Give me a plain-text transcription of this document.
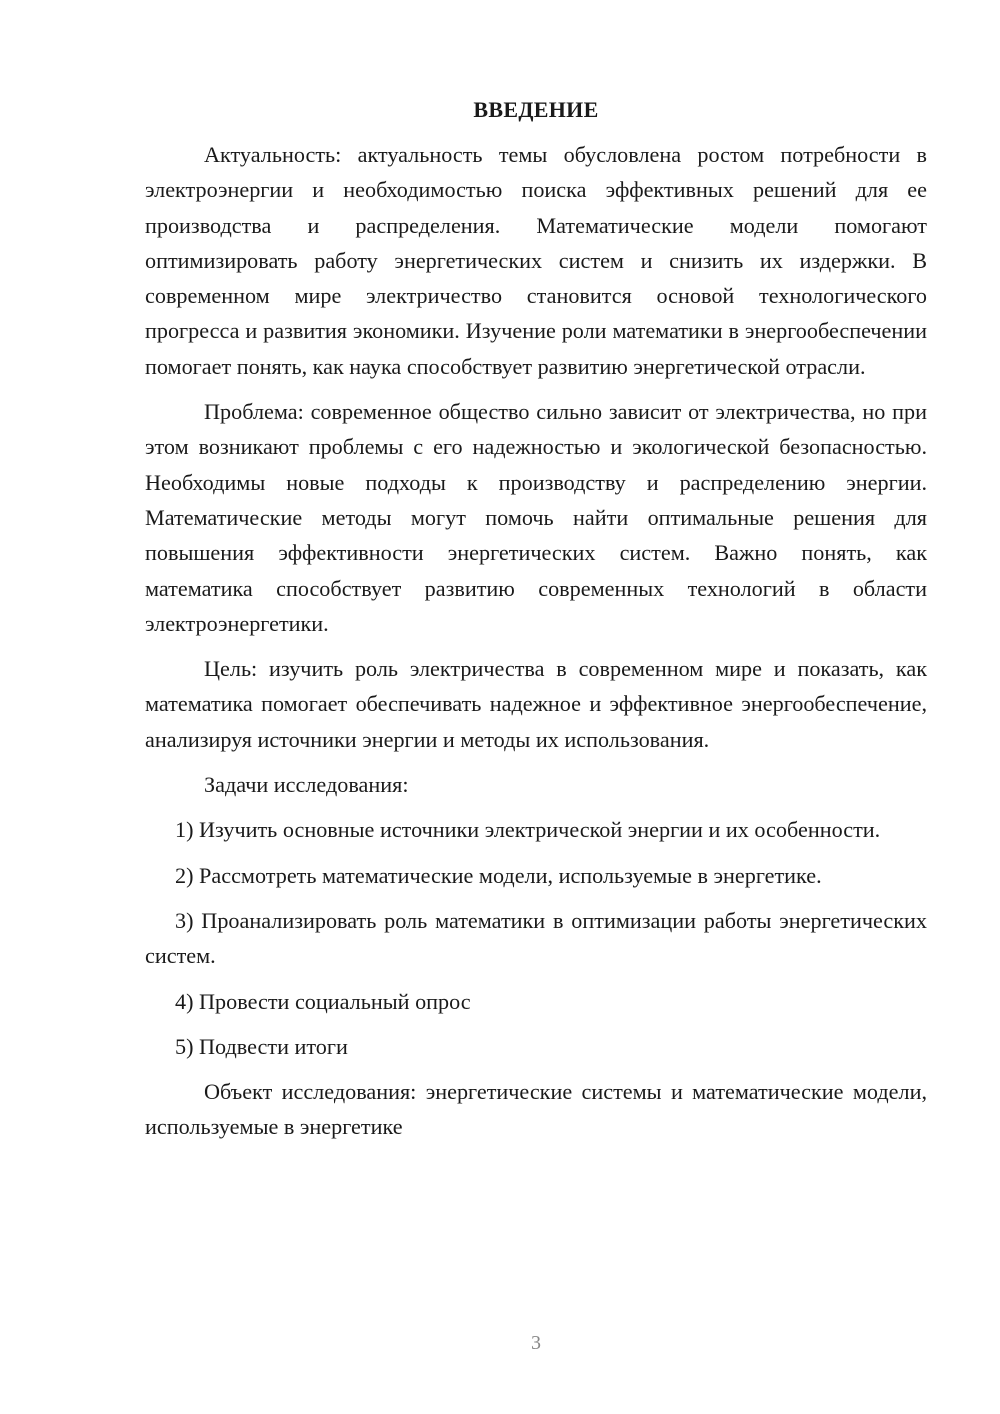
ВВЕДЕНИЕ

Актуальность: актуальность темы обусловлена ростом потребности в электроэнергии и необходимостью поиска эффективных решений для ее производства и распределения. Математические модели помогают оптимизировать работу энергетических систем и снизить их издержки. В современном мире электричество становится основой технологического прогресса и развития экономики. Изучение роли математики в энергообеспечении помогает понять, как наука способствует развитию энергетической отрасли.

Проблема: современное общество сильно зависит от электричества, но при этом возникают проблемы с его надежностью и экологической безопасностью. Необходимы новые подходы к производству и распределению энергии. Математические методы могут помочь найти оптимальные решения для повышения эффективности энергетических систем. Важно понять, как математика способствует развитию современных технологий в области электроэнергетики.

Цель: изучить роль электричества в современном мире и показать, как математика помогает обеспечивать надежное и эффективное энергообеспечение, анализируя источники энергии и методы их использования.

Задачи исследования:

1) Изучить основные источники электрической энергии и их особенности.

2) Рассмотреть математические модели, используемые в энергетике.

3) Проанализировать роль математики в оптимизации работы энергетических систем.

4) Провести социальный опрос

5) Подвести итоги

Объект исследования: энергетические системы и математические модели, используемые в энергетике

3
